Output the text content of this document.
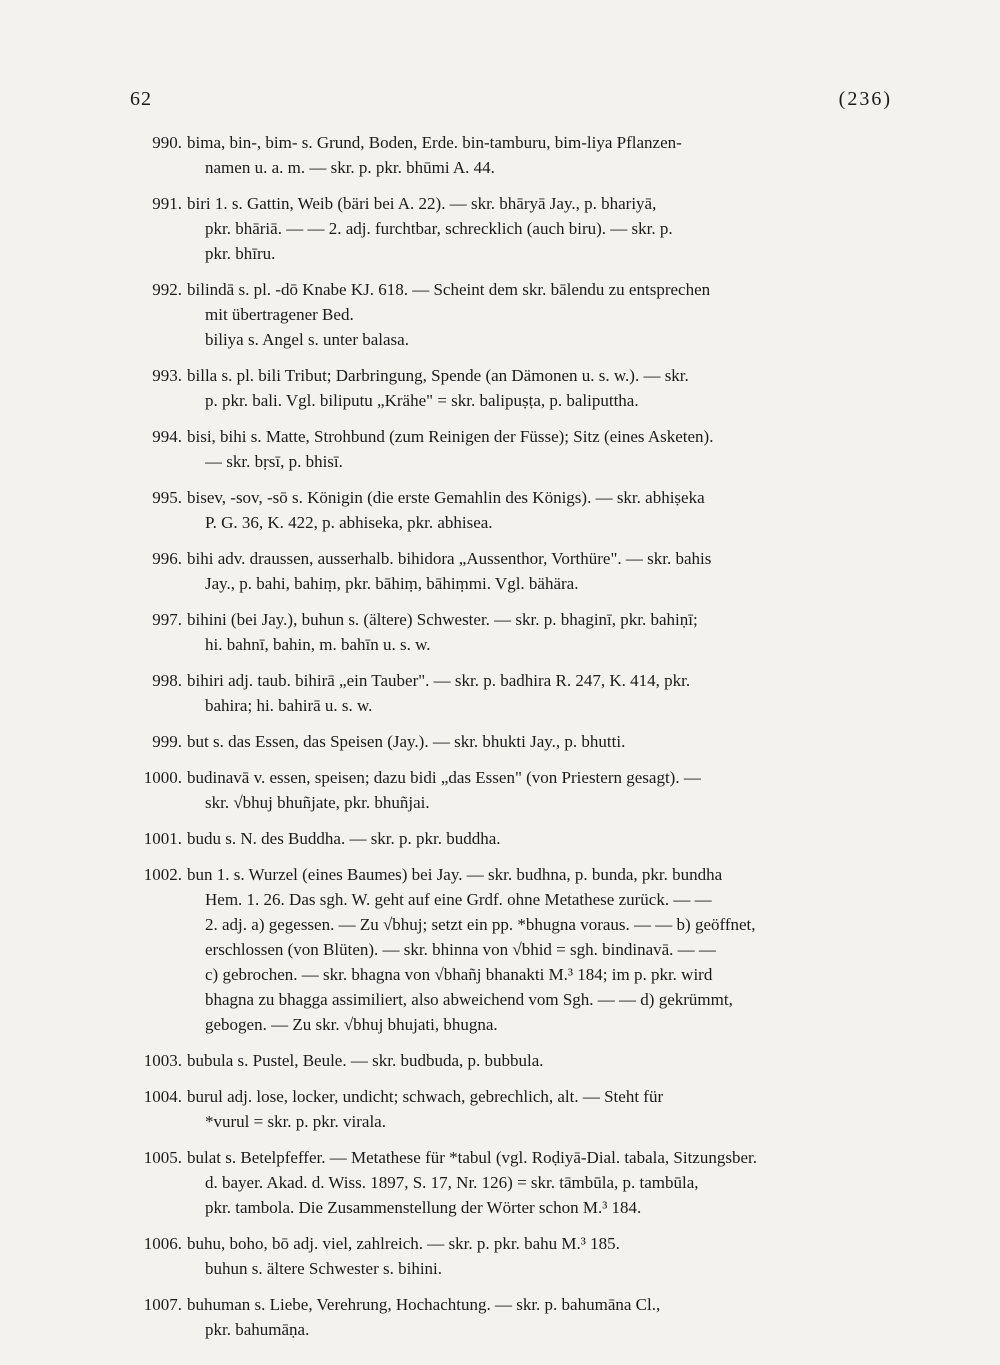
62	(236)
990. bima, bin-, bim- s. Grund, Boden, Erde. bin-tamburu, bim-liya Pflanzen-
namen u. a. m. — skr. p. pkr. bhūmi A. 44.
991. biri 1. s. Gattin, Weib (bäri bei A. 22). — skr. bhāryā Jay., p. bhariyā,
pkr. bhāriā. — — 2. adj. furchtbar, schrecklich (auch biru). — skr. p.
pkr. bhīru.
992. bilindā s. pl. -dō Knabe KJ. 618. — Scheint dem skr. bālendu zu entsprechen
mit übertragener Bed.
biliya s. Angel s. unter balasa.
993. billa s. pl. bili Tribut; Darbringung, Spende (an Dämonen u. s. w.). — skr.
p. pkr. bali. Vgl. biliputu „Krähe" = skr. balipuṣṭa, p. baliputtha.
994. bisi, bihi s. Matte, Strohbund (zum Reinigen der Füsse); Sitz (eines Asketen).
— skr. bṛsī, p. bhisī.
995. bisev, -sov, -sō s. Königin (die erste Gemahlin des Königs). — skr. abhiṣeka
P. G. 36, K. 422, p. abhiseka, pkr. abhisea.
996. bihi adv. draussen, ausserhalb. bihidora „Aussenthor, Vorthüre". — skr. bahis
Jay., p. bahi, bahiṃ, pkr. bāhiṃ, bāhiṃmi. Vgl. bähära.
997. bihini (bei Jay.), buhun s. (ältere) Schwester. — skr. p. bhaginī, pkr. bahiṇī;
hi. bahnī, bahin, m. bahīn u. s. w.
998. bihiri adj. taub. bihirā „ein Tauber". — skr. p. badhira R. 247, K. 414, pkr.
bahira; hi. bahirā u. s. w.
999. but s. das Essen, das Speisen (Jay.). — skr. bhukti Jay., p. bhutti.
1000. budinavā v. essen, speisen; dazu bidi „das Essen" (von Priestern gesagt). —
skr. √bhuj bhuñjate, pkr. bhuñjai.
1001. budu s. N. des Buddha. — skr. p. pkr. buddha.
1002. bun 1. s. Wurzel (eines Baumes) bei Jay. — skr. budhna, p. bunda, pkr. bundha
Hem. 1. 26. Das sgh. W. geht auf eine Grdf. ohne Metathese zurück. — —
2. adj. a) gegessen. — Zu √bhuj; setzt ein pp. *bhugna voraus. — — b) geöffnet,
erschlossen (von Blüten). — skr. bhinna von √bhid = sgh. bindinavā. — —
c) gebrochen. — skr. bhagna von √bhañj bhanakti M.³ 184; im p. pkr. wird
bhagna zu bhagga assimiliert, also abweichend vom Sgh. — — d) gekrümmt,
gebogen. — Zu skr. √bhuj bhujati, bhugna.
1003. bubula s. Pustel, Beule. — skr. budbuda, p. bubbula.
1004. burul adj. lose, locker, undicht; schwach, gebrechlich, alt. — Steht für
*vurul = skr. p. pkr. virala.
1005. bulat s. Betelpfeffer. — Metathese für *tabul (vgl. Roḍiyā-Dial. tabala, Sitzungsber.
d. bayer. Akad. d. Wiss. 1897, S. 17, Nr. 126) = skr. tāmbūla, p. tambūla,
pkr. tambola. Die Zusammenstellung der Wörter schon M.³ 184.
1006. buhu, boho, bō adj. viel, zahlreich. — skr. p. pkr. bahu M.³ 185.
buhun s. ältere Schwester s. bihini.
1007. buhuman s. Liebe, Verehrung, Hochachtung. — skr. p. bahumāna Cl.,
pkr. bahumāṇa.
